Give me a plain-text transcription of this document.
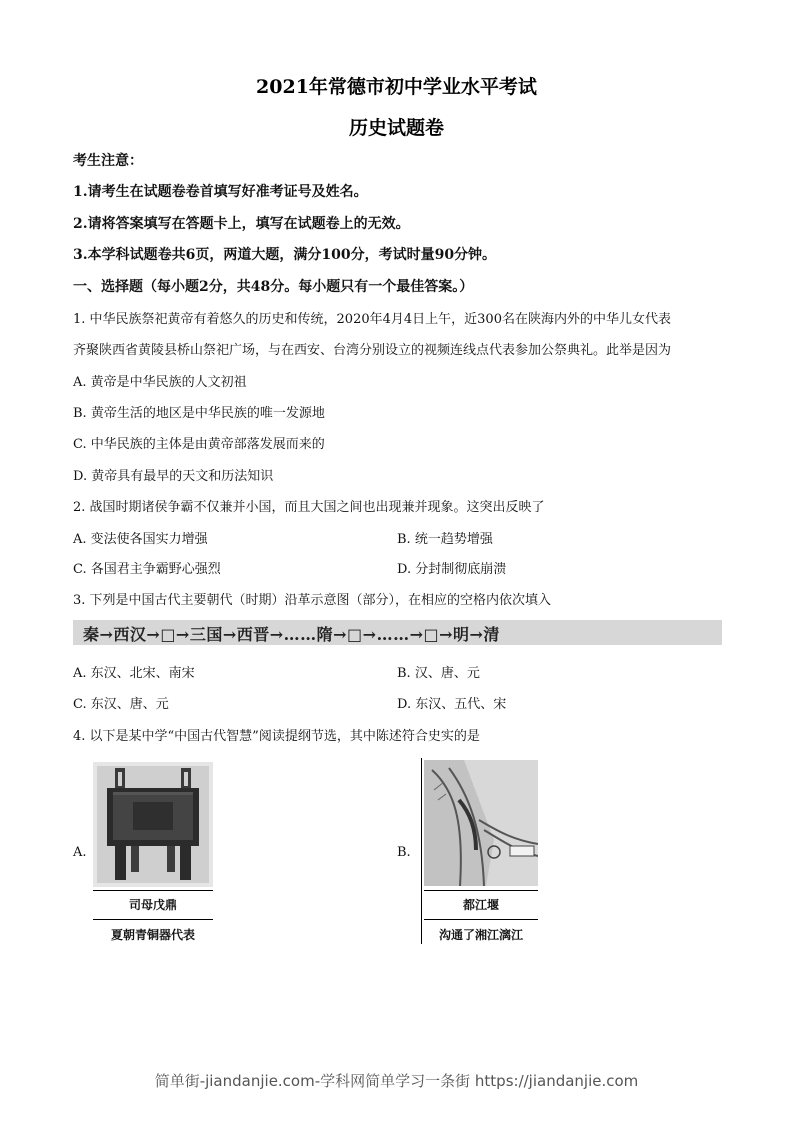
2021年常德市初中学业水平考试
历史试题卷
考生注意：
1.请考生在试题卷卷首填写好准考证号及姓名。
2.请将答案填写在答题卡上，填写在试题卷上的无效。
3.本学科试题卷共6页，两道大题，满分100分，考试时量90分钟。
一、选择题（每小题2分，共48分。每小题只有一个最佳答案。）
1. 中华民族祭祀黄帝有着悠久的历史和传统，2020年4月4日上午，近300名在陕海内外的中华儿女代表
齐聚陕西省黄陵县桥山祭祀广场，与在西安、台湾分别设立的视频连线点代表参加公祭典礼。此举是因为
A. 黄帝是中华民族的人文初祖
B. 黄帝生活的地区是中华民族的唯一发源地
C. 中华民族的主体是由黄帝部落发展而来的
D. 黄帝具有最早的天文和历法知识
2. 战国时期诸侯争霸不仅兼并小国，而且大国之间也出现兼并现象。这突出反映了
A. 变法使各国实力增强	B. 统一趋势增强
C. 各国君主争霸野心强烈	D. 分封制彻底崩溃
3. 下列是中国古代主要朝代（时期）沿革示意图（部分），在相应的空格内依次填入
秦→西汉→□→三国→西晋→……隋→□→……→□→明→清
A. 东汉、北宋、南宋	B. 汉、唐、元
C. 东汉、唐、元	D. 东汉、五代、宋
4. 以下是某中学“中国古代智慧”阅读提纲节选，其中陈述符合史实的是
A.
司母戊鼎
夏朝青铜器代表
B.
都江堰
沟通了湘江漓江
简单街-jiandanjie.com-学科网简单学习一条街 https://jiandanjie.com
